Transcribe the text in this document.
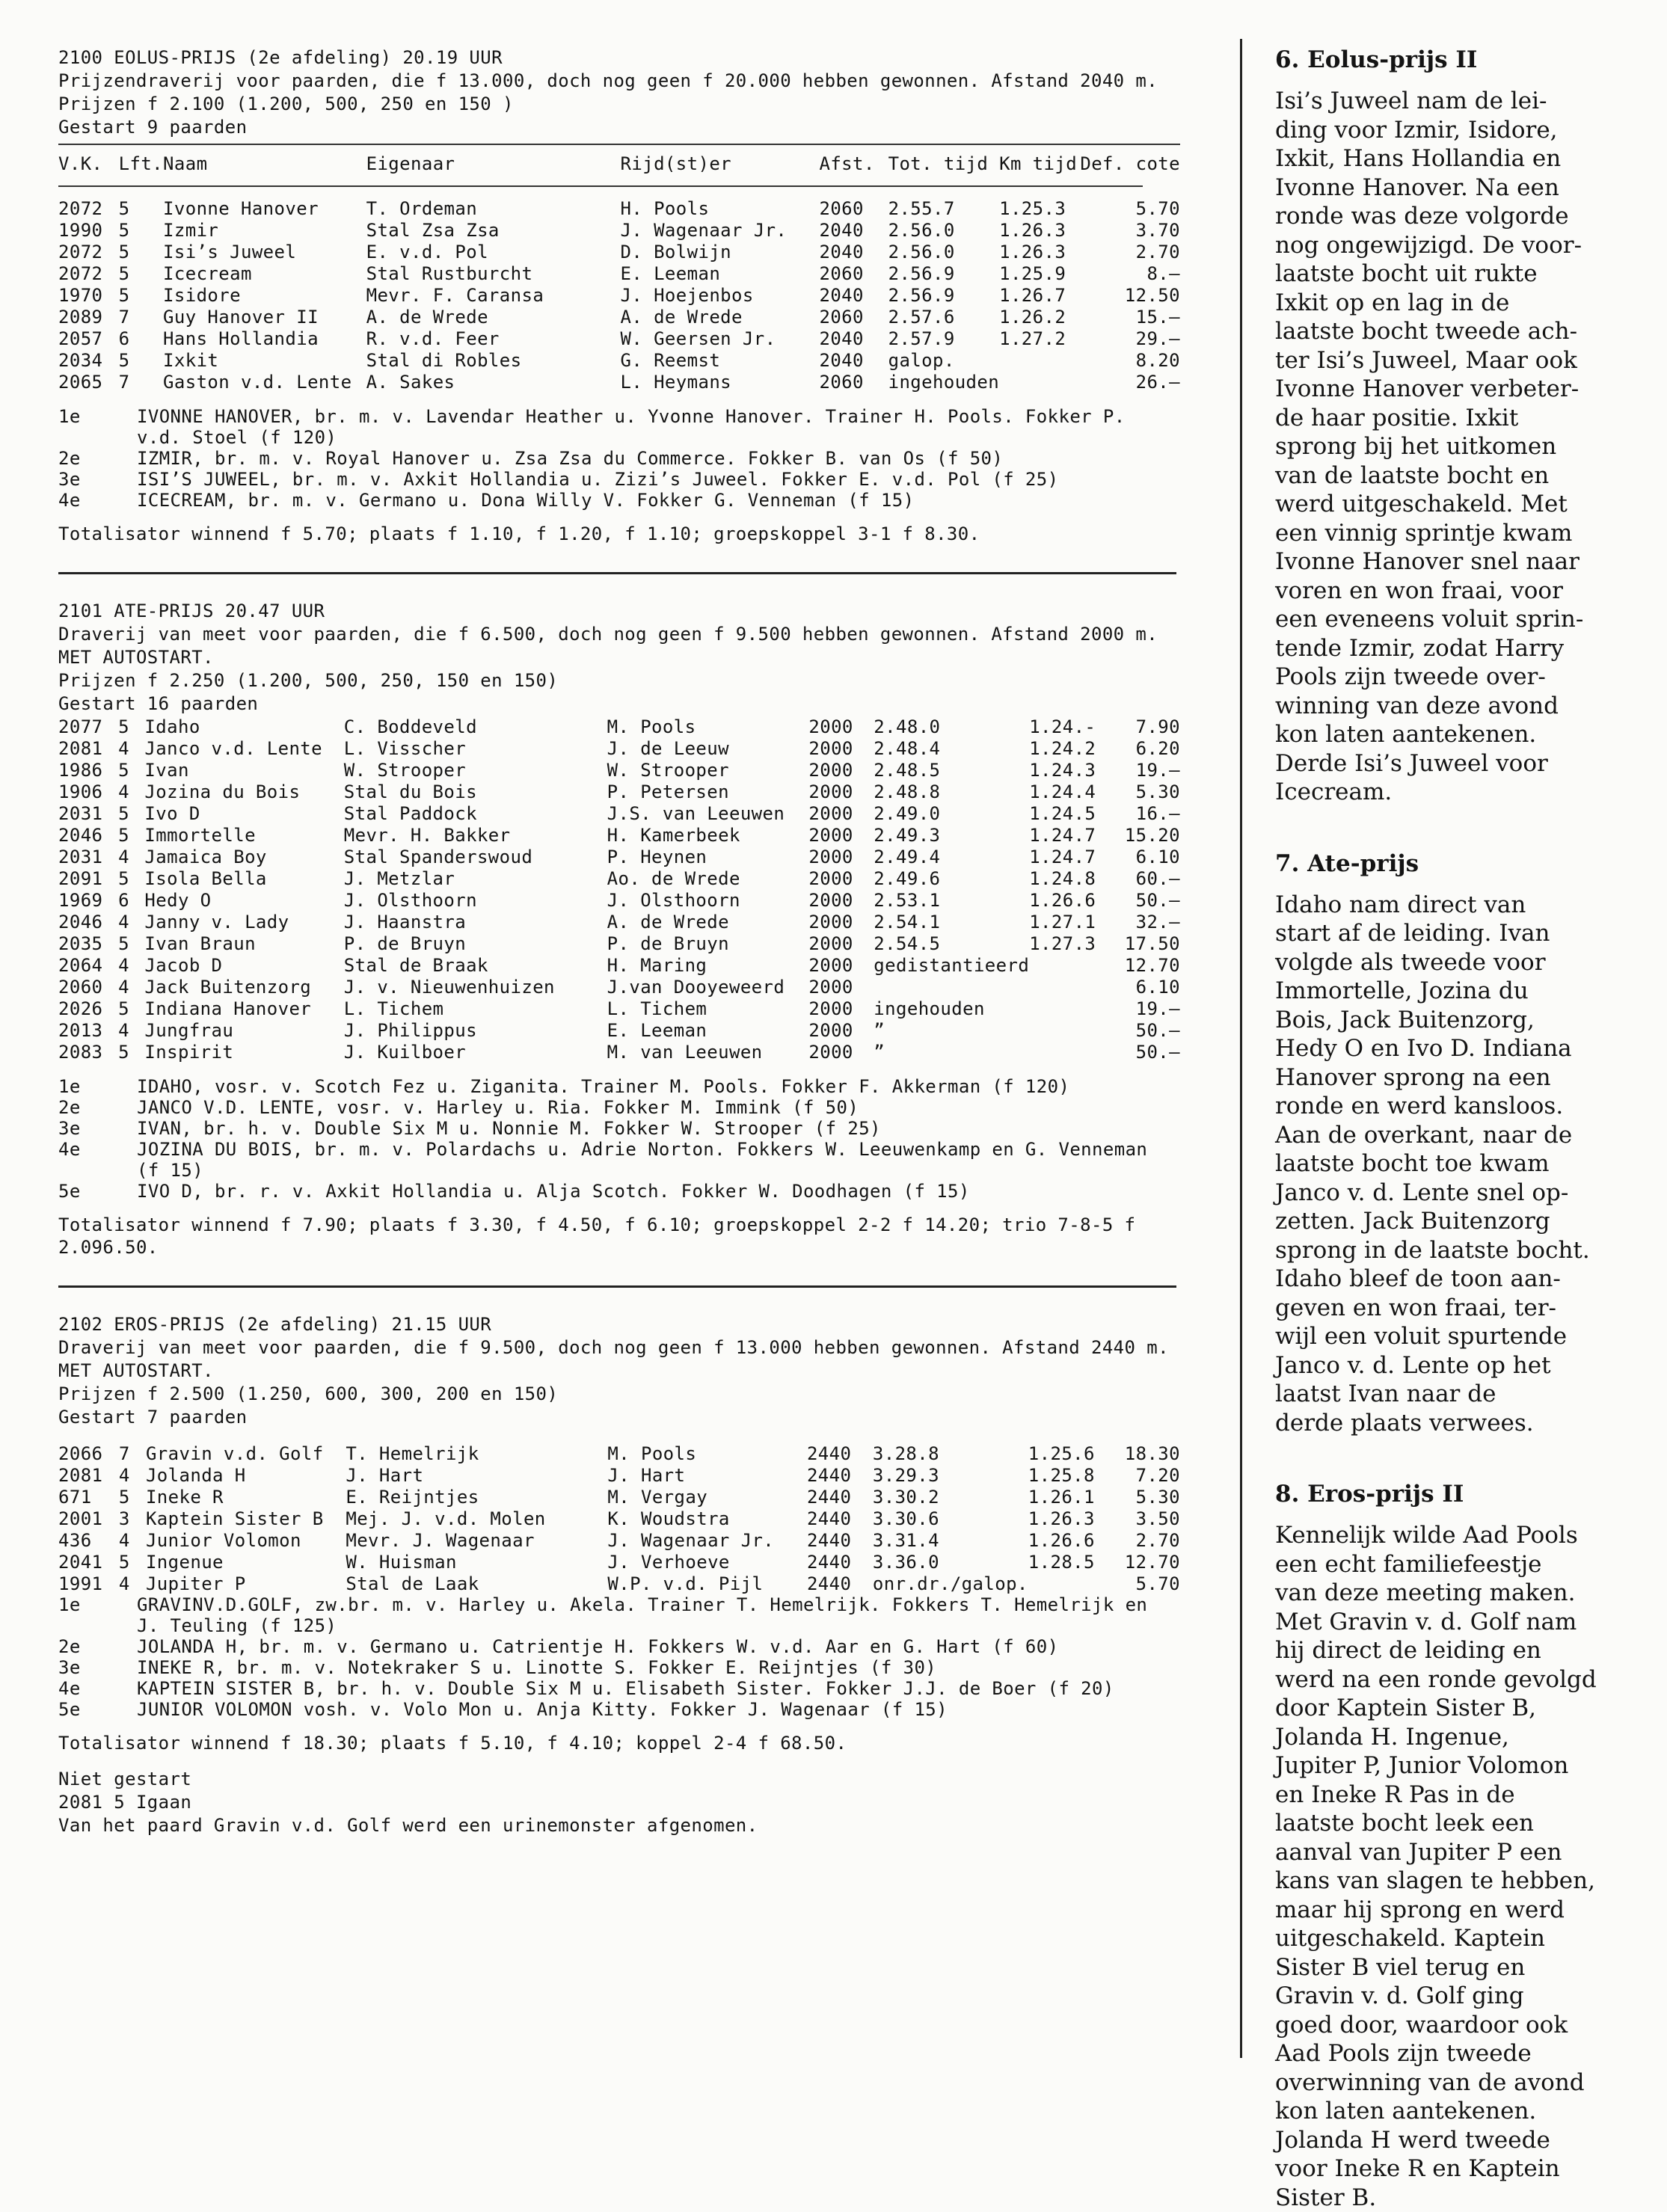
2100 EOLUS-PRIJS (2e afdeling) 20.19 UUR
Prijzendraverij voor paarden, die f 13.000, doch nog geen f 20.000 hebben gewonnen. Afstand 2040 m.
Prijzen f 2.100 (1.200, 500, 250 en 150 )
Gestart 9 paarden
V.K.	Lft.	Naam	Eigenaar	Rijd(st)er	Afst.	Tot. tijd	Km tijd	Def. cote

2072	5	Ivonne Hanover	T. Ordeman	H. Pools	2060	2.55.7	1.25.3	5.70
1990	5	Izmir	Stal Zsa Zsa	J. Wagenaar Jr.	2040	2.56.0	1.26.3	3.70
2072	5	Isi’s Juweel	E. v.d. Pol	D. Bolwijn	2040	2.56.0	1.26.3	2.70
2072	5	Icecream	Stal Rustburcht	E. Leeman	2060	2.56.9	1.25.9	8.–
1970	5	Isidore	Mevr. F. Caransa	J. Hoejenbos	2040	2.56.9	1.26.7	12.50
2089	7	Guy Hanover II	A. de Wrede	A. de Wrede	2060	2.57.6	1.26.2	15.–
2057	6	Hans Hollandia	R. v.d. Feer	W. Geersen Jr.	2040	2.57.9	1.27.2	29.–
2034	5	Ixkit	Stal di Robles	G. Reemst	2040	galop.		8.20
2065	7	Gaston v.d. Lente	A. Sakes	L. Heymans	2060	ingehouden		26.–
1e	IVONNE HANOVER, br. m. v. Lavendar Heather u. Yvonne Hanover. Trainer H. Pools. Fokker P. v.d. Stoel (f 120)
2e	IZMIR, br. m. v. Royal Hanover u. Zsa Zsa du Commerce. Fokker B. van Os (f 50)
3e	ISI’S JUWEEL, br. m. v. Axkit Hollandia u. Zizi’s Juweel. Fokker E. v.d. Pol (f 25)
4e	ICECREAM, br. m. v. Germano u. Dona Willy V. Fokker G. Venneman (f 15)
Totalisator winnend f 5.70; plaats f 1.10, f 1.20, f 1.10; groepskoppel 3-1 f 8.30.
2101 ATE-PRIJS 20.47 UUR
Draverij van meet voor paarden, die f 6.500, doch nog geen f 9.500 hebben gewonnen. Afstand 2000 m. MET AUTOSTART.
Prijzen f 2.250 (1.200, 500, 250, 150 en 150)
Gestart 16 paarden
2077	5	Idaho	C. Boddeveld	M. Pools	2000	2.48.0	1.24.-	7.90
2081	4	Janco v.d. Lente	L. Visscher	J. de Leeuw	2000	2.48.4	1.24.2	6.20
1986	5	Ivan	W. Strooper	W. Strooper	2000	2.48.5	1.24.3	19.–
1906	4	Jozina du Bois	Stal du Bois	P. Petersen	2000	2.48.8	1.24.4	5.30
2031	5	Ivo D	Stal Paddock	J.S. van Leeuwen	2000	2.49.0	1.24.5	16.–
2046	5	Immortelle	Mevr. H. Bakker	H. Kamerbeek	2000	2.49.3	1.24.7	15.20
2031	4	Jamaica Boy	Stal Spanderswoud	P. Heynen	2000	2.49.4	1.24.7	6.10
2091	5	Isola Bella	J. Metzlar	Ao. de Wrede	2000	2.49.6	1.24.8	60.–
1969	6	Hedy O	J. Olsthoorn	J. Olsthoorn	2000	2.53.1	1.26.6	50.–
2046	4	Janny v. Lady	J. Haanstra	A. de Wrede	2000	2.54.1	1.27.1	32.–
2035	5	Ivan Braun	P. de Bruyn	P. de Bruyn	2000	2.54.5	1.27.3	17.50
2064	4	Jacob D	Stal de Braak	H. Maring	2000	gedistantieerd		12.70
2060	4	Jack Buitenzorg	J. v. Nieuwenhuizen	J.van Dooyeweerd	2000			6.10
2026	5	Indiana Hanover	L. Tichem	L. Tichem	2000	ingehouden		19.–
2013	4	Jungfrau	J. Philippus	E. Leeman	2000	”		50.–
2083	5	Inspirit	J. Kuilboer	M. van Leeuwen	2000	”		50.–
1e	IDAHO, vosr. v. Scotch Fez u. Ziganita. Trainer M. Pools. Fokker F. Akkerman (f 120)
2e	JANCO V.D. LENTE, vosr. v. Harley u. Ria. Fokker M. Immink (f 50)
3e	IVAN, br. h. v. Double Six M u. Nonnie M. Fokker W. Strooper (f 25)
4e	JOZINA DU BOIS, br. m. v. Polardachs u. Adrie Norton. Fokkers W. Leeuwenkamp en G. Venneman (f 15)
5e	IVO D, br. r. v. Axkit Hollandia u. Alja Scotch. Fokker W. Doodhagen (f 15)
Totalisator winnend f 7.90; plaats f 3.30, f 4.50, f 6.10; groepskoppel 2-2 f 14.20; trio 7-8-5 f 2.096.50.
2102 EROS-PRIJS (2e afdeling) 21.15 UUR
Draverij van meet voor paarden, die f 9.500, doch nog geen f 13.000 hebben gewonnen. Afstand 2440 m. MET AUTOSTART.
Prijzen f 2.500 (1.250, 600, 300, 200 en 150)
Gestart 7 paarden
2066	7	Gravin v.d. Golf	T. Hemelrijk	M. Pools	2440	3.28.8	1.25.6	18.30
2081	4	Jolanda H	J. Hart	J. Hart	2440	3.29.3	1.25.8	7.20
671	5	Ineke R	E. Reijntjes	M. Vergay	2440	3.30.2	1.26.1	5.30
2001	3	Kaptein Sister B	Mej. J. v.d. Molen	K. Woudstra	2440	3.30.6	1.26.3	3.50
436	4	Junior Volomon	Mevr. J. Wagenaar	J. Wagenaar Jr.	2440	3.31.4	1.26.6	2.70
2041	5	Ingenue	W. Huisman	J. Verhoeve	2440	3.36.0	1.28.5	12.70
1991	4	Jupiter P	Stal de Laak	W.P. v.d. Pijl	2440	onr.dr./galop.		5.70
1e	GRAVINV.D.GOLF, zw.br. m. v. Harley u. Akela. Trainer T. Hemelrijk. Fokkers T. Hemelrijk en J. Teuling (f 125)
2e	JOLANDA H, br. m. v. Germano u. Catrientje H. Fokkers W. v.d. Aar en G. Hart (f 60)
3e	INEKE R, br. m. v. Notekraker S u. Linotte S. Fokker E. Reijntjes (f 30)
4e	KAPTEIN SISTER B, br. h. v. Double Six M u. Elisabeth Sister. Fokker J.J. de Boer (f 20)
5e	JUNIOR VOLOMON vosh. v. Volo Mon u. Anja Kitty. Fokker J. Wagenaar (f 15)
Totalisator winnend f 18.30; plaats f 5.10, f 4.10; koppel 2-4 f 68.50.
Niet gestart
2081 5 Igaan
Van het paard Gravin v.d. Golf werd een urinemonster afgenomen.
6. Eolus-prijs II

Isi’s Juweel nam de lei-
ding voor Izmir, Isidore,
Ixkit, Hans Hollandia en
Ivonne Hanover. Na een
ronde was deze volgorde
nog ongewijzigd. De voor-
laatste bocht uit rukte
Ixkit op en lag in de
laatste bocht tweede ach-
ter Isi’s Juweel, Maar ook
Ivonne Hanover verbeter-
de haar positie. Ixkit
sprong bij het uitkomen
van de laatste bocht en
werd uitgeschakeld. Met
een vinnig sprintje kwam
Ivonne Hanover snel naar
voren en won fraai, voor
een eveneens voluit sprin-
tende Izmir, zodat Harry
Pools zijn tweede over-
winning van deze avond
kon laten aantekenen.
Derde Isi’s Juweel voor
Icecream.

7. Ate-prijs

Idaho nam direct van
start af de leiding. Ivan
volgde als tweede voor
Immortelle, Jozina du
Bois, Jack Buitenzorg,
Hedy O en Ivo D. Indiana
Hanover sprong na een
ronde en werd kansloos.
Aan de overkant, naar de
laatste bocht toe kwam
Janco v. d. Lente snel op-
zetten. Jack Buitenzorg
sprong in de laatste bocht.
Idaho bleef de toon aan-
geven en won fraai, ter-
wijl een voluit spurtende
Janco v. d. Lente op het
laatst Ivan naar de
derde plaats verwees.

8. Eros-prijs II

Kennelijk wilde Aad Pools
een echt familiefeestje
van deze meeting maken.
Met Gravin v. d. Golf nam
hij direct de leiding en
werd na een ronde gevolgd
door Kaptein Sister B,
Jolanda H. Ingenue,
Jupiter P, Junior Volomon
en Ineke R Pas in de
laatste bocht leek een
aanval van Jupiter P een
kans van slagen te hebben,
maar hij sprong en werd
uitgeschakeld. Kaptein
Sister B viel terug en
Gravin v. d. Golf ging
goed door, waardoor ook
Aad Pools zijn tweede
overwinning van de avond
kon laten aantekenen.
Jolanda H werd tweede
voor Ineke R en Kaptein
Sister B.
